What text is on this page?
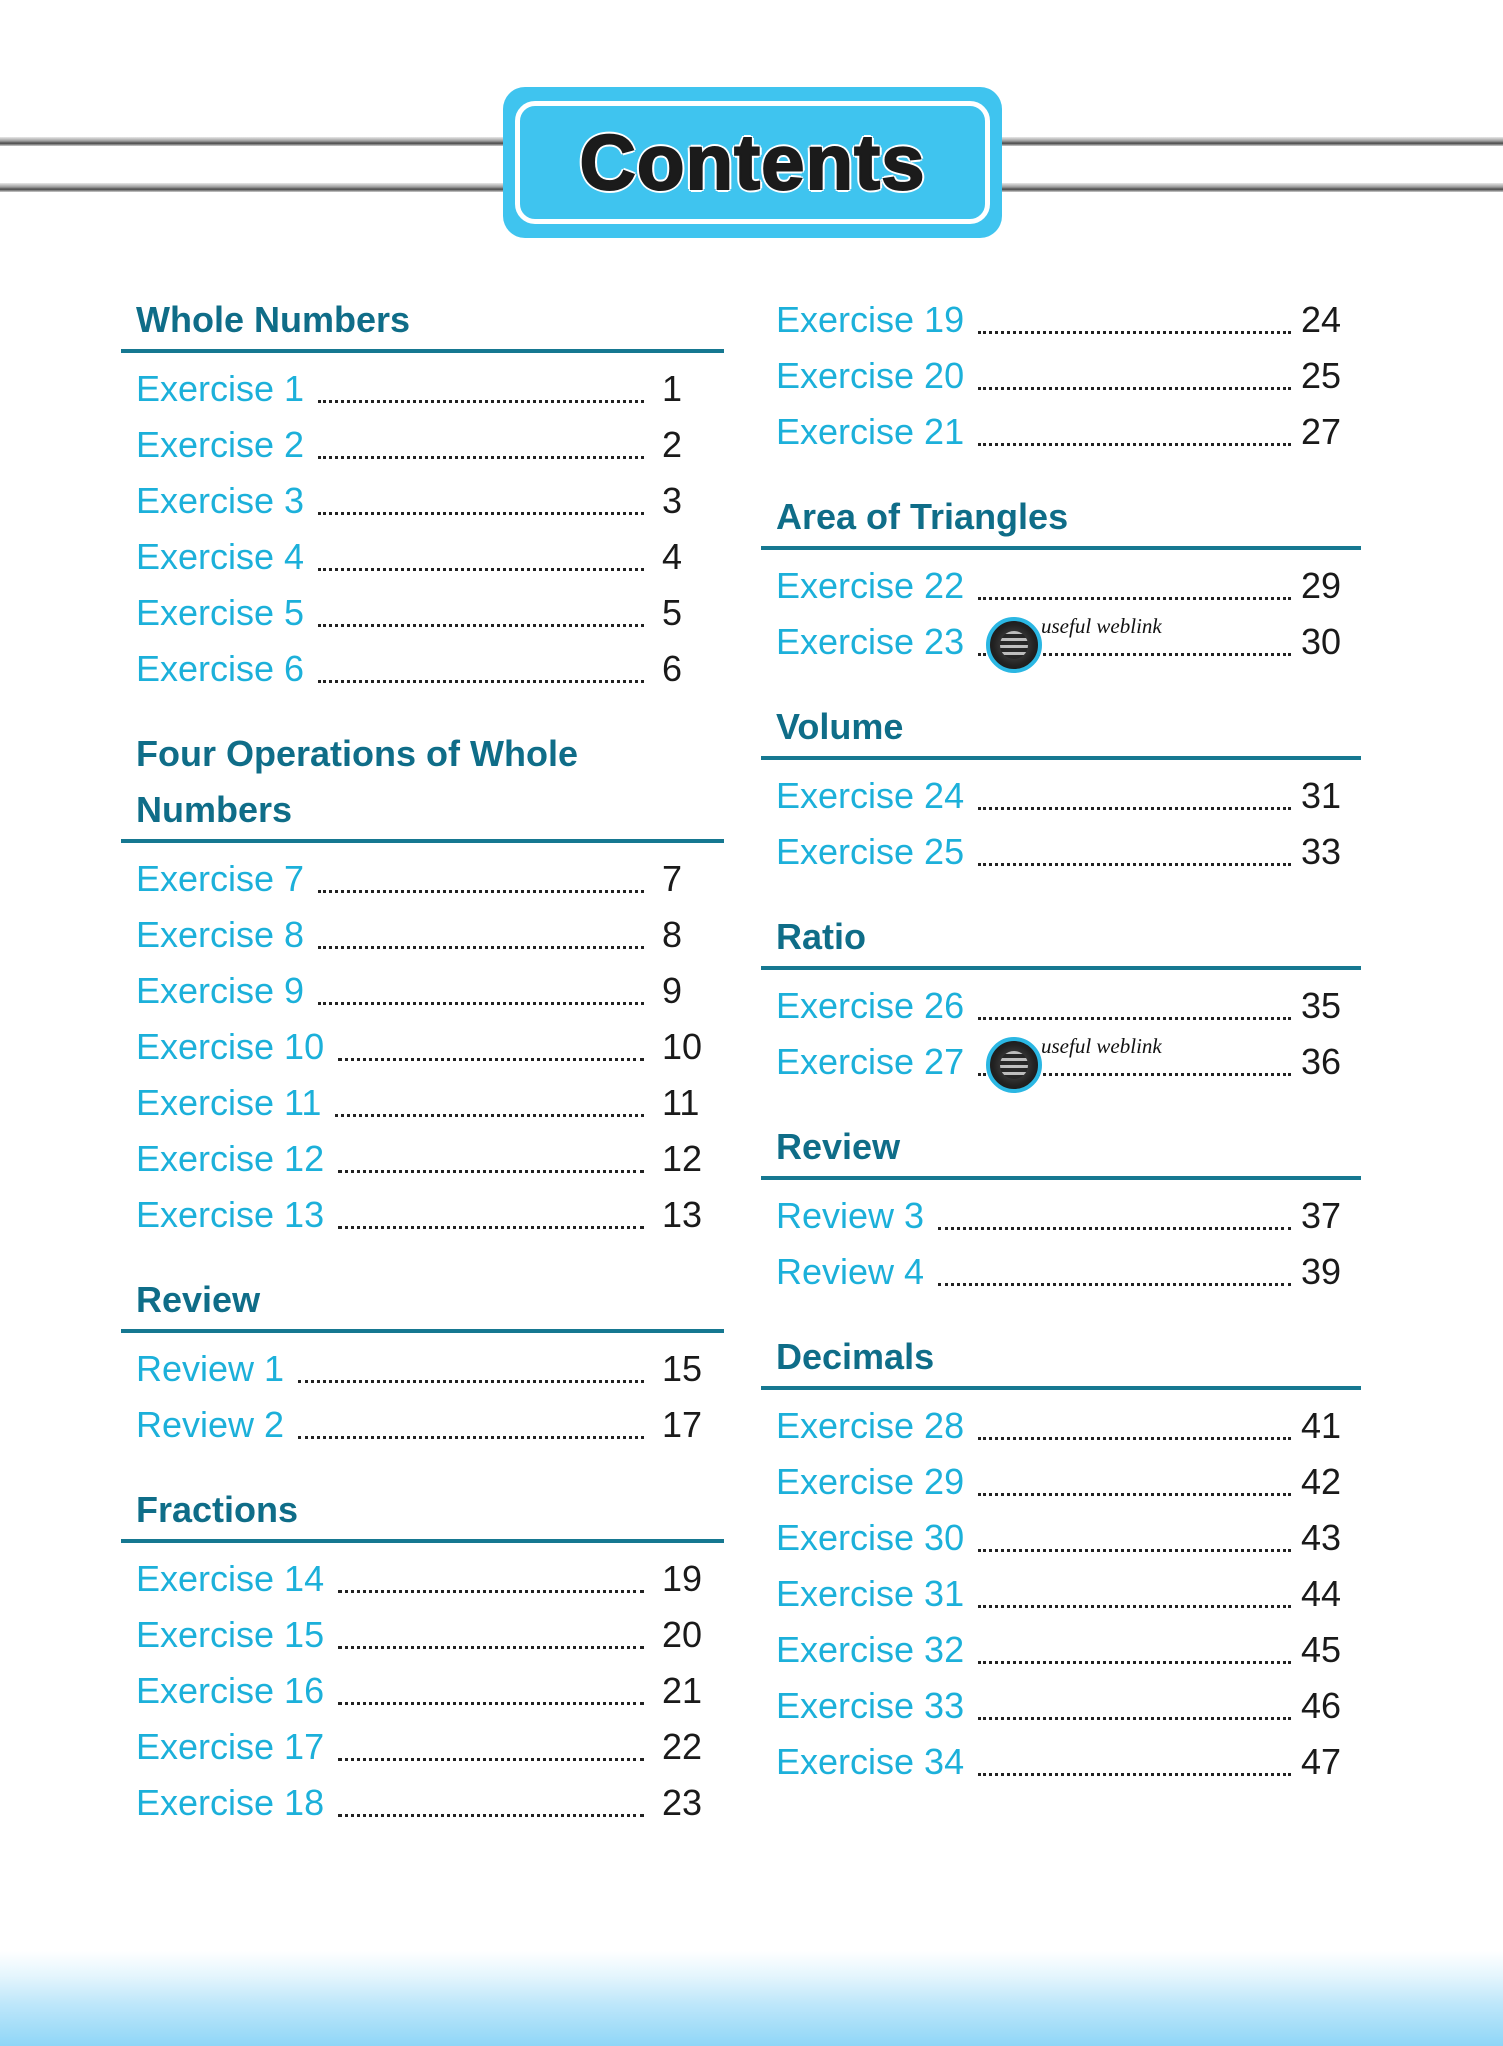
Contents
Whole Numbers
Exercise 1	1
Exercise 2	2
Exercise 3	3
Exercise 4	4
Exercise 5	5
Exercise 6	6
Four Operations of Whole Numbers
Exercise 7	7
Exercise 8	8
Exercise 9	9
Exercise 10	10
Exercise 11	11
Exercise 12	12
Exercise 13	13
Review
Review 1	15
Review 2	17
Fractions
Exercise 14	19
Exercise 15	20
Exercise 16	21
Exercise 17	22
Exercise 18	23
Exercise 19	24
Exercise 20	25
Exercise 21	27
Area of Triangles
Exercise 22	29
Exercise 23	30
useful weblink
Volume
Exercise 24	31
Exercise 25	33
Ratio
Exercise 26	35
Exercise 27	36
useful weblink
Review
Review 3	37
Review 4	39
Decimals
Exercise 28	41
Exercise 29	42
Exercise 30	43
Exercise 31	44
Exercise 32	45
Exercise 33	46
Exercise 34	47
